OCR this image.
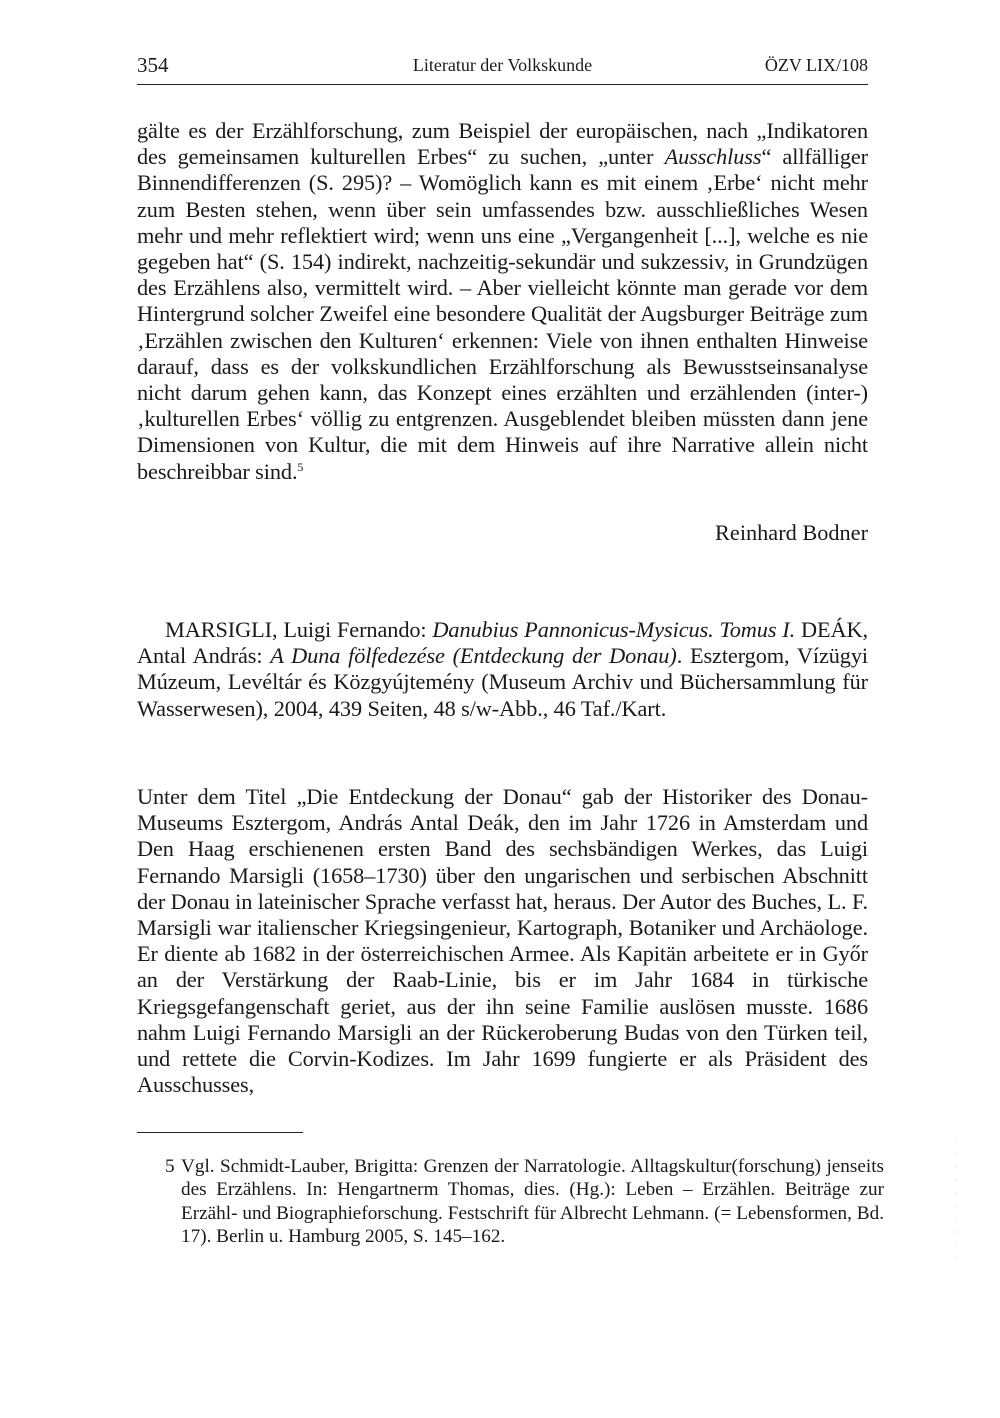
354	Literatur der Volkskunde	ÖZV LIX/108

gälte es der Erzählforschung, zum Beispiel der europäischen, nach „Indikatoren des gemeinsamen kulturellen Erbes“ zu suchen, „unter Ausschluss“ allfälliger Binnendifferenzen (S. 295)? – Womöglich kann es mit einem ‚Erbe‘ nicht mehr zum Besten stehen, wenn über sein umfassendes bzw. ausschließliches Wesen mehr und mehr reflektiert wird; wenn uns eine „Vergangenheit [...], welche es nie gegeben hat“ (S. 154) indirekt, nachzeitig-sekundär und sukzessiv, in Grundzügen des Erzählens also, vermittelt wird. – Aber vielleicht könnte man gerade vor dem Hintergrund solcher Zweifel eine besondere Qualität der Augsburger Beiträge zum ‚Erzählen zwischen den Kulturen‘ erkennen: Viele von ihnen enthalten Hinweise darauf, dass es der volkskundlichen Erzählforschung als Bewusstseinsanalyse nicht darum gehen kann, das Konzept eines erzählten und erzählenden (inter-)‚kulturellen Erbes‘ völlig zu entgrenzen. Ausgeblendet bleiben müssten dann jene Dimensionen von Kultur, die mit dem Hinweis auf ihre Narrative allein nicht beschreibbar sind.$^5$

Reinhard Bodner

MARSIGLI, Luigi Fernando: Danubius Pannonicus-Mysicus. Tomus I. DEÁK, Antal András: A Duna fölfedezése (Entdeckung der Donau). Esztergom, Vízügyi Múzeum, Levéltár és Közgyújtemény (Museum Archiv und Büchersammlung für Wasserwesen), 2004, 439 Seiten, 48 s/w-Abb., 46 Taf./Kart.

Unter dem Titel „Die Entdeckung der Donau“ gab der Historiker des Donau-Museums Esztergom, András Antal Deák, den im Jahr 1726 in Amsterdam und Den Haag erschienenen ersten Band des sechsbändigen Werkes, das Luigi Fernando Marsigli (1658–1730) über den ungarischen und serbischen Abschnitt der Donau in lateinischer Sprache verfasst hat, heraus. Der Autor des Buches, L. F. Marsigli war italienscher Kriegsingenieur, Kartograph, Botaniker und Archäologe. Er diente ab 1682 in der österreichischen Armee. Als Kapitän arbeitete er in Győr an der Verstärkung der Raab-Linie, bis er im Jahr 1684 in türkische Kriegsgefangenschaft geriet, aus der ihn seine Familie auslösen musste. 1686 nahm Luigi Fernando Marsigli an der Rückeroberung Budas von den Türken teil, und rettete die Corvin-Kodizes. Im Jahr 1699 fungierte er als Präsident des Ausschusses,

5 Vgl. Schmidt-Lauber, Brigitta: Grenzen der Narratologie. Alltagskultur(forschung) jenseits des Erzählens. In: Hengartnerm Thomas, dies. (Hg.): Leben – Erzählen. Beiträge zur Erzähl- und Biographieforschung. Festschrift für Albrecht Lehmann. (= Lebensformen, Bd. 17). Berlin u. Hamburg 2005, S. 145–162.
